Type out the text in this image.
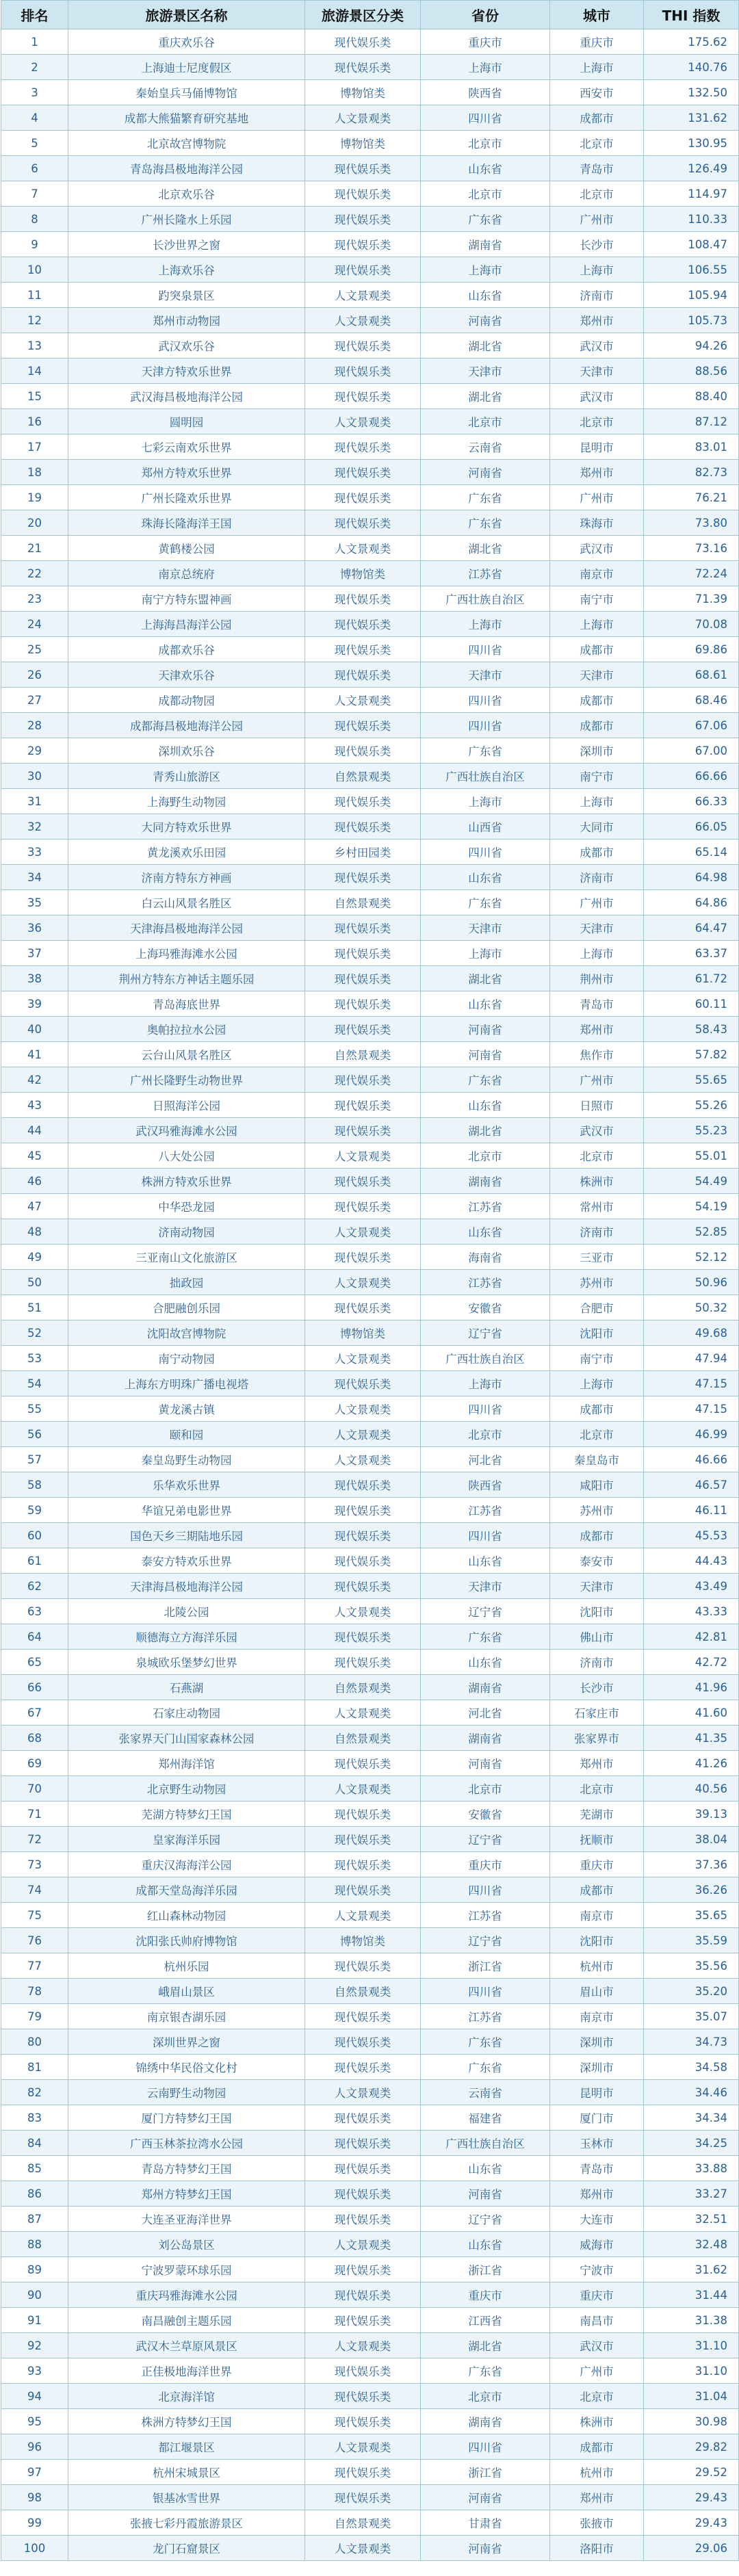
排名	旅游景区名称	旅游景区分类	省份	城市	THI 指数
1	重庆欢乐谷	现代娱乐类	重庆市	重庆市	175.62
2	上海迪士尼度假区	现代娱乐类	上海市	上海市	140.76
3	秦始皇兵马俑博物馆	博物馆类	陕西省	西安市	132.50
4	成都大熊猫繁育研究基地	人文景观类	四川省	成都市	131.62
5	北京故宫博物院	博物馆类	北京市	北京市	130.95
6	青岛海昌极地海洋公园	现代娱乐类	山东省	青岛市	126.49
7	北京欢乐谷	现代娱乐类	北京市	北京市	114.97
8	广州长隆水上乐园	现代娱乐类	广东省	广州市	110.33
9	长沙世界之窗	现代娱乐类	湖南省	长沙市	108.47
10	上海欢乐谷	现代娱乐类	上海市	上海市	106.55
11	趵突泉景区	人文景观类	山东省	济南市	105.94
12	郑州市动物园	人文景观类	河南省	郑州市	105.73
13	武汉欢乐谷	现代娱乐类	湖北省	武汉市	94.26
14	天津方特欢乐世界	现代娱乐类	天津市	天津市	88.56
15	武汉海昌极地海洋公园	现代娱乐类	湖北省	武汉市	88.40
16	圆明园	人文景观类	北京市	北京市	87.12
17	七彩云南欢乐世界	现代娱乐类	云南省	昆明市	83.01
18	郑州方特欢乐世界	现代娱乐类	河南省	郑州市	82.73
19	广州长隆欢乐世界	现代娱乐类	广东省	广州市	76.21
20	珠海长隆海洋王国	现代娱乐类	广东省	珠海市	73.80
21	黄鹤楼公园	人文景观类	湖北省	武汉市	73.16
22	南京总统府	博物馆类	江苏省	南京市	72.24
23	南宁方特东盟神画	现代娱乐类	广西壮族自治区	南宁市	71.39
24	上海海昌海洋公园	现代娱乐类	上海市	上海市	70.08
25	成都欢乐谷	现代娱乐类	四川省	成都市	69.86
26	天津欢乐谷	现代娱乐类	天津市	天津市	68.61
27	成都动物园	人文景观类	四川省	成都市	68.46
28	成都海昌极地海洋公园	现代娱乐类	四川省	成都市	67.06
29	深圳欢乐谷	现代娱乐类	广东省	深圳市	67.00
30	青秀山旅游区	自然景观类	广西壮族自治区	南宁市	66.66
31	上海野生动物园	现代娱乐类	上海市	上海市	66.33
32	大同方特欢乐世界	现代娱乐类	山西省	大同市	66.05
33	黄龙溪欢乐田园	乡村田园类	四川省	成都市	65.14
34	济南方特东方神画	现代娱乐类	山东省	济南市	64.98
35	白云山风景名胜区	自然景观类	广东省	广州市	64.86
36	天津海昌极地海洋公园	现代娱乐类	天津市	天津市	64.47
37	上海玛雅海滩水公园	现代娱乐类	上海市	上海市	63.37
38	荆州方特东方神话主题乐园	现代娱乐类	湖北省	荆州市	61.72
39	青岛海底世界	现代娱乐类	山东省	青岛市	60.11
40	奥帕拉拉水公园	现代娱乐类	河南省	郑州市	58.43
41	云台山风景名胜区	自然景观类	河南省	焦作市	57.82
42	广州长隆野生动物世界	现代娱乐类	广东省	广州市	55.65
43	日照海洋公园	现代娱乐类	山东省	日照市	55.26
44	武汉玛雅海滩水公园	现代娱乐类	湖北省	武汉市	55.23
45	八大处公园	人文景观类	北京市	北京市	55.01
46	株洲方特欢乐世界	现代娱乐类	湖南省	株洲市	54.49
47	中华恐龙园	现代娱乐类	江苏省	常州市	54.19
48	济南动物园	人文景观类	山东省	济南市	52.85
49	三亚南山文化旅游区	现代娱乐类	海南省	三亚市	52.12
50	拙政园	人文景观类	江苏省	苏州市	50.96
51	合肥融创乐园	现代娱乐类	安徽省	合肥市	50.32
52	沈阳故宫博物院	博物馆类	辽宁省	沈阳市	49.68
53	南宁动物园	人文景观类	广西壮族自治区	南宁市	47.94
54	上海东方明珠广播电视塔	现代娱乐类	上海市	上海市	47.15
55	黄龙溪古镇	人文景观类	四川省	成都市	47.15
56	颐和园	人文景观类	北京市	北京市	46.99
57	秦皇岛野生动物园	人文景观类	河北省	秦皇岛市	46.66
58	乐华欢乐世界	现代娱乐类	陕西省	咸阳市	46.57
59	华谊兄弟电影世界	现代娱乐类	江苏省	苏州市	46.11
60	国色天乡三期陆地乐园	现代娱乐类	四川省	成都市	45.53
61	泰安方特欢乐世界	现代娱乐类	山东省	泰安市	44.43
62	天津海昌极地海洋公园	现代娱乐类	天津市	天津市	43.49
63	北陵公园	人文景观类	辽宁省	沈阳市	43.33
64	顺德海立方海洋乐园	现代娱乐类	广东省	佛山市	42.81
65	泉城欧乐堡梦幻世界	现代娱乐类	山东省	济南市	42.72
66	石燕湖	自然景观类	湖南省	长沙市	41.96
67	石家庄动物园	人文景观类	河北省	石家庄市	41.60
68	张家界天门山国家森林公园	自然景观类	湖南省	张家界市	41.35
69	郑州海洋馆	现代娱乐类	河南省	郑州市	41.26
70	北京野生动物园	人文景观类	北京市	北京市	40.56
71	芜湖方特梦幻王国	现代娱乐类	安徽省	芜湖市	39.13
72	皇家海洋乐园	现代娱乐类	辽宁省	抚顺市	38.04
73	重庆汉海海洋公园	现代娱乐类	重庆市	重庆市	37.36
74	成都天堂岛海洋乐园	现代娱乐类	四川省	成都市	36.26
75	红山森林动物园	人文景观类	江苏省	南京市	35.65
76	沈阳张氏帅府博物馆	博物馆类	辽宁省	沈阳市	35.59
77	杭州乐园	现代娱乐类	浙江省	杭州市	35.56
78	峨眉山景区	自然景观类	四川省	眉山市	35.20
79	南京银杏湖乐园	现代娱乐类	江苏省	南京市	35.07
80	深圳世界之窗	现代娱乐类	广东省	深圳市	34.73
81	锦绣中华民俗文化村	现代娱乐类	广东省	深圳市	34.58
82	云南野生动物园	人文景观类	云南省	昆明市	34.46
83	厦门方特梦幻王国	现代娱乐类	福建省	厦门市	34.34
84	广西玉林茶拉湾水公园	现代娱乐类	广西壮族自治区	玉林市	34.25
85	青岛方特梦幻王国	现代娱乐类	山东省	青岛市	33.88
86	郑州方特梦幻王国	现代娱乐类	河南省	郑州市	33.27
87	大连圣亚海洋世界	现代娱乐类	辽宁省	大连市	32.51
88	刘公岛景区	人文景观类	山东省	威海市	32.48
89	宁波罗蒙环球乐园	现代娱乐类	浙江省	宁波市	31.62
90	重庆玛雅海滩水公园	现代娱乐类	重庆市	重庆市	31.44
91	南昌融创主题乐园	现代娱乐类	江西省	南昌市	31.38
92	武汉木兰草原风景区	人文景观类	湖北省	武汉市	31.10
93	正佳极地海洋世界	现代娱乐类	广东省	广州市	31.10
94	北京海洋馆	现代娱乐类	北京市	北京市	31.04
95	株洲方特梦幻王国	现代娱乐类	湖南省	株洲市	30.98
96	都江堰景区	人文景观类	四川省	成都市	29.82
97	杭州宋城景区	现代娱乐类	浙江省	杭州市	29.52
98	银基冰雪世界	现代娱乐类	河南省	郑州市	29.43
99	张掖七彩丹霞旅游景区	自然景观类	甘肃省	张掖市	29.43
100	龙门石窟景区	人文景观类	河南省	洛阳市	29.06
